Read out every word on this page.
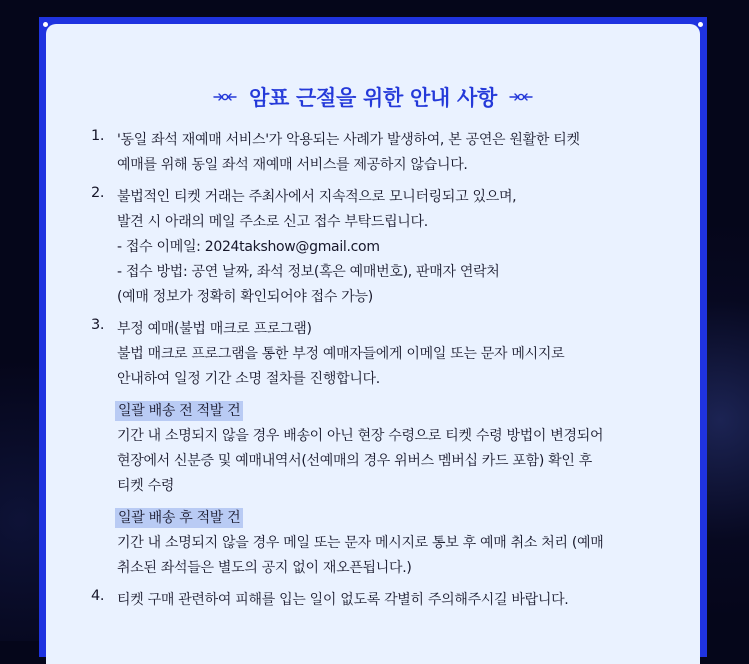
암표 근절을 위한 안내 사항
1. '동일 좌석 재예매 서비스'가 악용되는 사례가 발생하여, 본 공연은 원활한 티켓
예매를 위해 동일 좌석 재예매 서비스를 제공하지 않습니다.
2. 불법적인 티켓 거래는 주최사에서 지속적으로 모니터링되고 있으며,
발견 시 아래의 메일 주소로 신고 접수 부탁드립니다.
- 접수 이메일: 2024takshow@gmail.com
- 접수 방법: 공연 날짜, 좌석 정보(혹은 예매번호), 판매자 연락처
(예매 정보가 정확히 확인되어야 접수 가능)
3. 부정 예매(불법 매크로 프로그램)
불법 매크로 프로그램을 통한 부정 예매자들에게 이메일 또는 문자 메시지로
안내하여 일정 기간 소명 절차를 진행합니다.
일괄 배송 전 적발 건
기간 내 소명되지 않을 경우 배송이 아닌 현장 수령으로 티켓 수령 방법이 변경되어
현장에서 신분증 및 예매내역서(선예매의 경우 위버스 멤버십 카드 포함) 확인 후
티켓 수령
일괄 배송 후 적발 건
기간 내 소명되지 않을 경우 메일 또는 문자 메시지로 통보 후 예매 취소 처리 (예매
취소된 좌석들은 별도의 공지 없이 재오픈됩니다.)
4. 티켓 구매 관련하여 피해를 입는 일이 없도록 각별히 주의해주시길 바랍니다.
